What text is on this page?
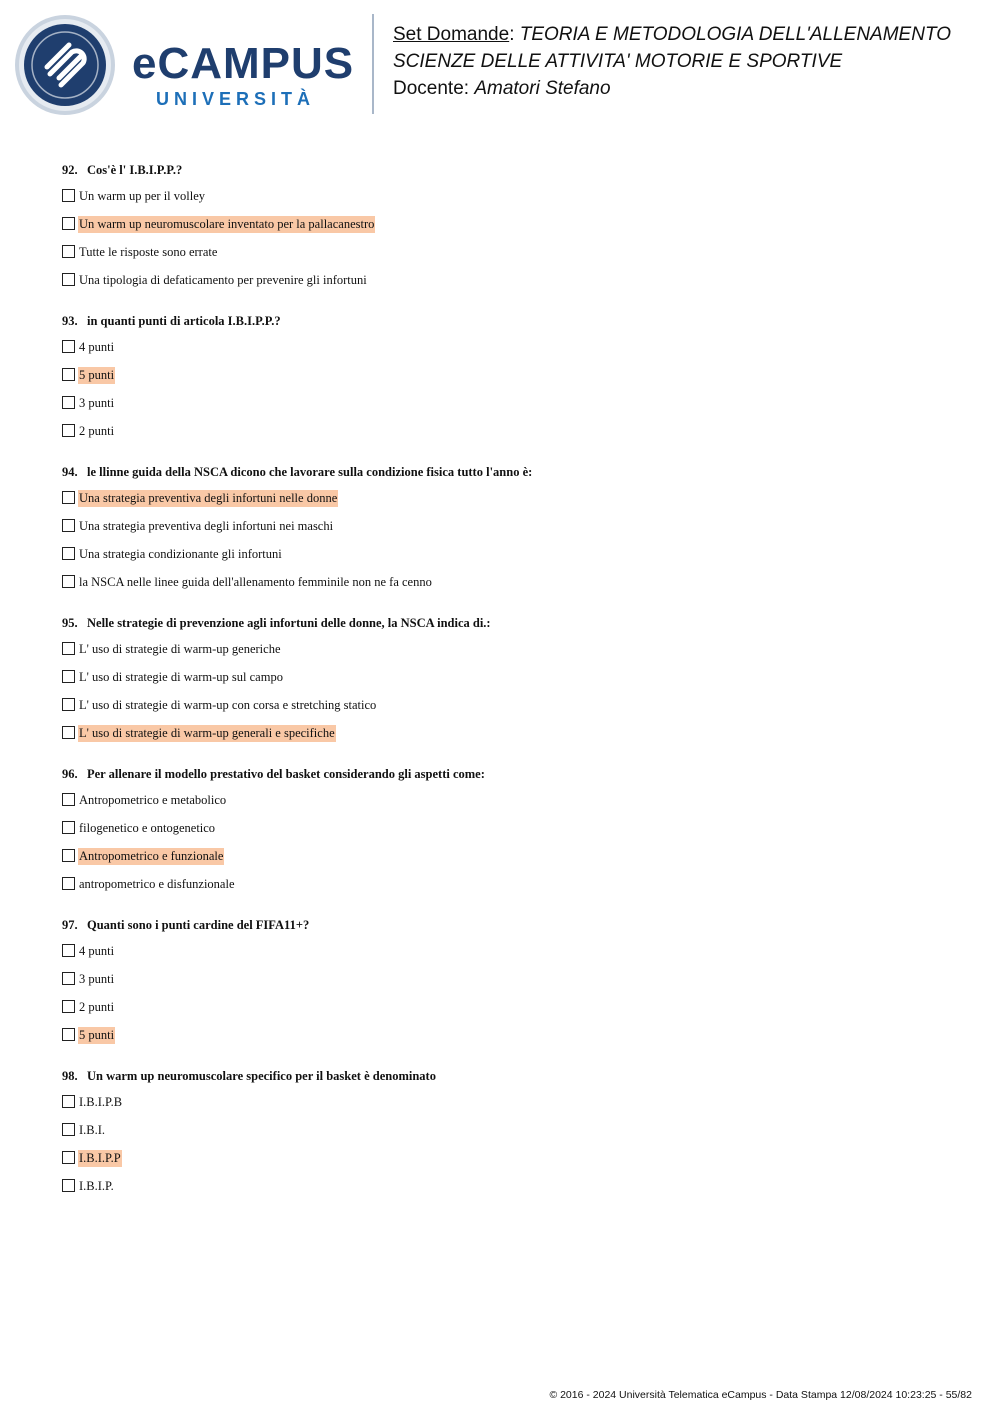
eCAMPUS
UNIVERSITÀ
Set Domande: TEORIA E METODOLOGIA DELL'ALLENAMENTO
SCIENZE DELLE ATTIVITA' MOTORIE E SPORTIVE
Docente: Amatori Stefano
92. Cos'è l' I.B.I.P.P.?
Un warm up per il volley
Un warm up neuromuscolare inventato per la pallacanestro
Tutte le risposte sono errate
Una tipologia di defaticamento per prevenire gli infortuni
93. in quanti punti di articola I.B.I.P.P.?
4 punti
5 punti
3 punti
2 punti
94. le llinne guida della NSCA dicono che lavorare sulla condizione fisica tutto l'anno è:
Una strategia preventiva degli infortuni nelle donne
Una strategia preventiva degli infortuni nei maschi
Una strategia condizionante gli infortuni
la NSCA nelle linee guida dell'allenamento femminile non ne fa cenno
95. Nelle strategie di prevenzione agli infortuni delle donne, la NSCA indica di.:
L' uso di strategie di warm-up generiche
L' uso di strategie di warm-up sul campo
L' uso di strategie di warm-up con corsa e stretching statico
L' uso di strategie di warm-up generali e specifiche
96. Per allenare il modello prestativo del basket considerando gli aspetti come:
Antropometrico e metabolico
filogenetico e ontogenetico
Antropometrico e funzionale
antropometrico e disfunzionale
97. Quanti sono i punti cardine del FIFA11+?
4 punti
3 punti
2 punti
5 punti
98. Un warm up neuromuscolare specifico per il basket è denominato
I.B.I.P.B
I.B.I.
I.B.I.P.P
I.B.I.P.
© 2016 - 2024 Università Telematica eCampus - Data Stampa 12/08/2024 10:23:25 - 55/82
